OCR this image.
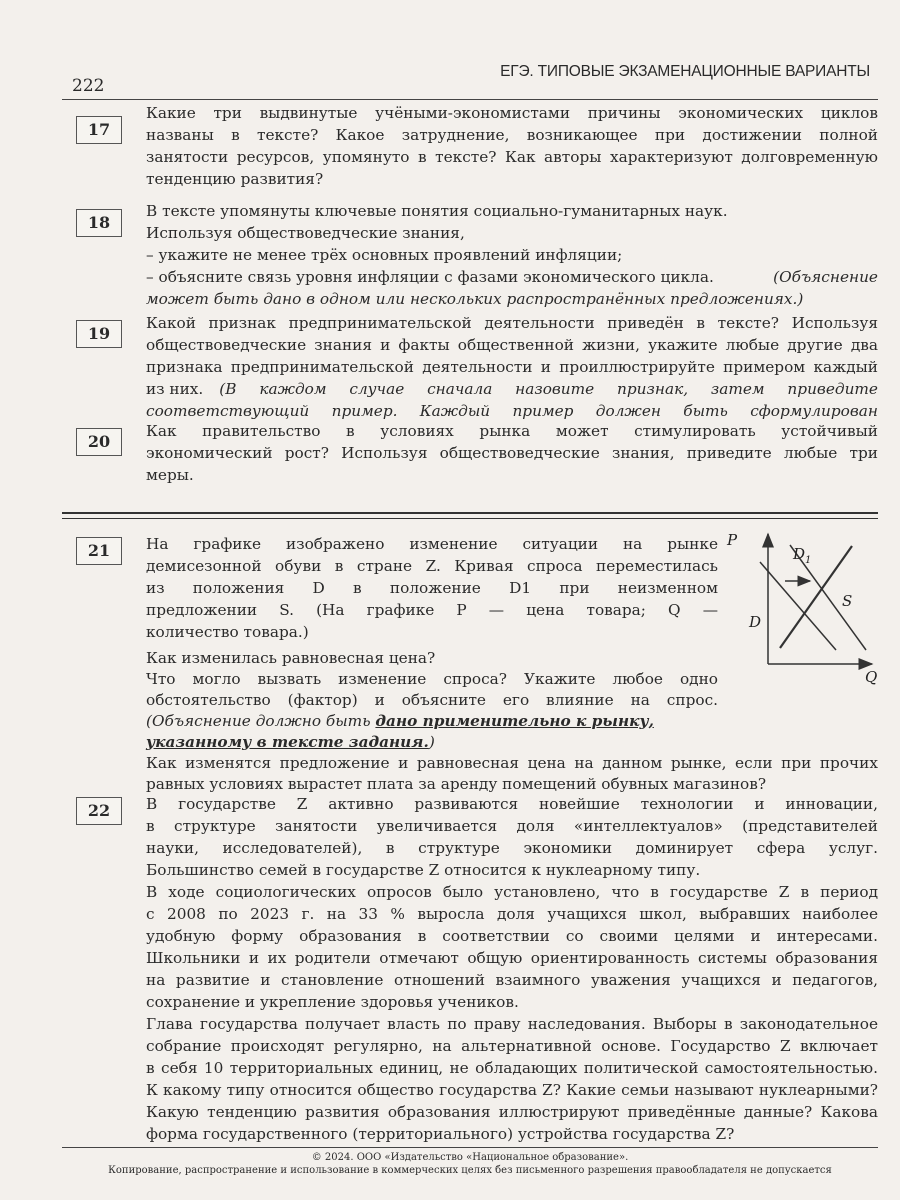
222
ЕГЭ. ТИПОВЫЕ ЭКЗАМЕНАЦИОННЫЕ ВАРИАНТЫ
17
Какие три выдвинутые учёными-экономистами причины экономических циклов
названы в тексте? Какое затруднение, возникающее при достижении полной
занятости ресурсов, упомянуто в тексте? Как авторы характеризуют долговременную
тенденцию развития?
18
В тексте упомянуты ключевые понятия социально-гуманитарных наук.
Используя обществоведческие знания,
– укажите не менее трёх основных проявлений инфляции;
– объясните связь уровня инфляции с фазами экономического цикла.	(Объяснение
может быть дано в одном или нескольких распространённых предложениях.)
19
Какой признак предпринимательской деятельности приведён в тексте? Используя
обществоведческие знания и факты общественной жизни, укажите любые другие два
признака предпринимательской деятельности и проиллюстрируйте примером каждый
из них. (В каждом случае сначала назовите признак, затем приведите
соответствующий пример. Каждый пример должен быть сформулирован
20
Как правительство в условиях рынка может стимулировать устойчивый
экономический рост? Используя обществоведческие знания, приведите любые три
меры.
21	На графике изображено изменение ситуации на рынке
демисезонной обуви в стране Z. Кривая спроса переместилась
из положения D в положение D1 при неизменном
предложении S. (На графике P — цена товара; Q —
количество товара.)
Как изменилась равновесная цена?
Что могло вызвать изменение спроса? Укажите любое одно
обстоятельство (фактор) и объясните его влияние на спрос.
(Объяснение должно быть дано применительно к рынку,
указанному в тексте задания.)
Как изменятся предложение и равновесная цена на данном рынке, если при прочих
равных условиях вырастет плата за аренду помещений обувных магазинов?
P
Q
D
$D_1$
S
22	В государстве Z активно развиваются новейшие технологии и инновации,
в структуре занятости увеличивается доля «интеллектуалов» (представителей
науки, исследователей), в структуре экономики доминирует сфера услуг.
Большинство семей в государстве Z относится к нуклеарному типу.
В ходе социологических опросов было установлено, что в государстве Z в период
с 2008 по 2023 г. на 33 % выросла доля учащихся школ, выбравших наиболее
удобную форму образования в соответствии со своими целями и интересами.
Школьники и их родители отмечают общую ориентированность системы образования
на развитие и становление отношений взаимного уважения учащихся и педагогов,
сохранение и укрепление здоровья учеников.
Глава государства получает власть по праву наследования. Выборы в законодательное
собрание происходят регулярно, на альтернативной основе. Государство Z включает
в себя 10 территориальных единиц, не обладающих политической самостоятельностью.
К какому типу относится общество государства Z? Какие семьи называют нуклеарными?
Какую тенденцию развития образования иллюстрируют приведённые данные? Какова
форма государственного (территориального) устройства государства Z?
© 2024. ООО «Издательство «Национальное образование».
Копирование, распространение и использование в коммерческих целях без письменного разрешения правообладателя не допускается
